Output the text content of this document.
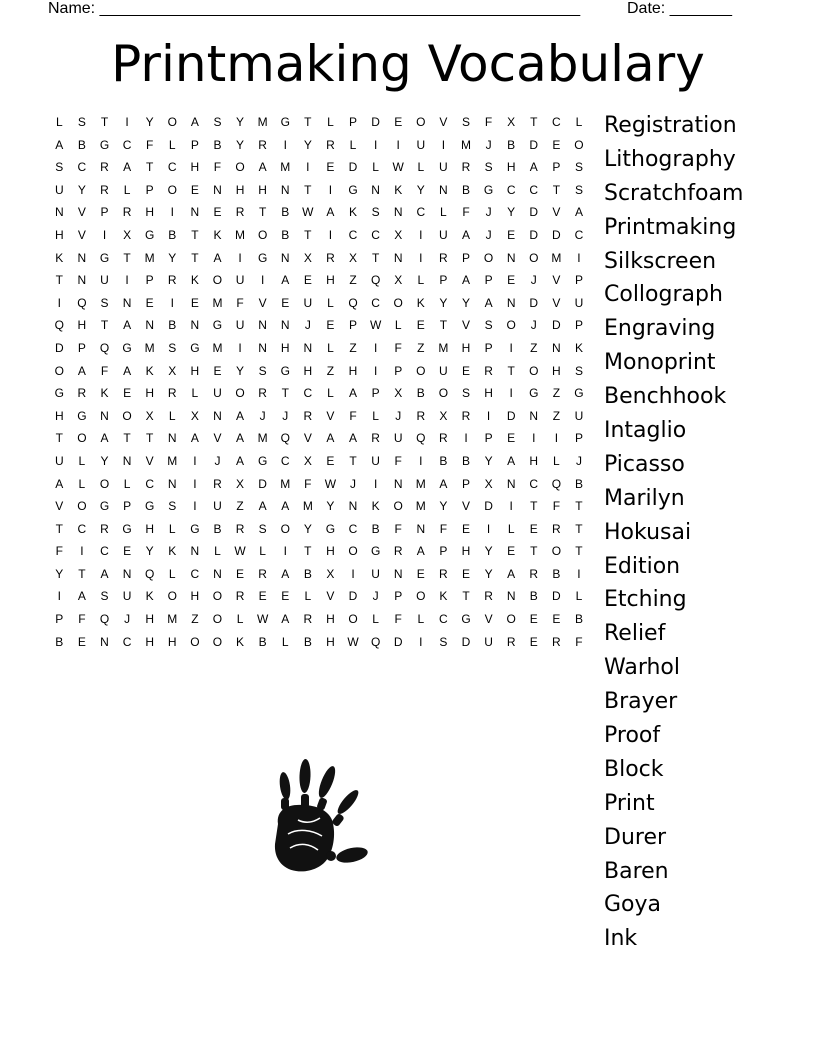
Name: ______________________________________________________	Date: _______
Printmaking Vocabulary
L	S	T	I	Y	O	A	S	Y	M	G	T	L	P	D	E	O	V	S	F	X	T	C	L
A	B	G	C	F	L	P	B	Y	R	I	Y	R	L	I	I	U	I	M	J	B	D	E	O
S	C	R	A	T	C	H	F	O	A	M	I	E	D	L	W	L	U	R	S	H	A	P	S
U	Y	R	L	P	O	E	N	H	H	N	T	I	G	N	K	Y	N	B	G	C	C	T	S
N	V	P	R	H	I	N	E	R	T	B	W	A	K	S	N	C	L	F	J	Y	D	V	A
H	V	I	X	G	B	T	K	M	O	B	T	I	C	C	X	I	U	A	J	E	D	D	C
K	N	G	T	M	Y	T	A	I	G	N	X	R	X	T	N	I	R	P	O	N	O	M	I
T	N	U	I	P	R	K	O	U	I	A	E	H	Z	Q	X	L	P	A	P	E	J	V	P
I	Q	S	N	E	I	E	M	F	V	E	U	L	Q	C	O	K	Y	Y	A	N	D	V	U
Q	H	T	A	N	B	N	G	U	N	N	J	E	P	W	L	E	T	V	S	O	J	D	P
D	P	Q	G	M	S	G	M	I	N	H	N	L	Z	I	F	Z	M	H	P	I	Z	N	K
O	A	F	A	K	X	H	E	Y	S	G	H	Z	H	I	P	O	U	E	R	T	O	H	S
G	R	K	E	H	R	L	U	O	R	T	C	L	A	P	X	B	O	S	H	I	G	Z	G
H	G	N	O	X	L	X	N	A	J	J	R	V	F	L	J	R	X	R	I	D	N	Z	U
T	O	A	T	T	N	A	V	A	M	Q	V	A	A	R	U	Q	R	I	P	E	I	I	P
U	L	Y	N	V	M	I	J	A	G	C	X	E	T	U	F	I	B	B	Y	A	H	L	J
A	L	O	L	C	N	I	R	X	D	M	F	W	J	I	N	M	A	P	X	N	C	Q	B
V	O	G	P	G	S	I	U	Z	A	A	M	Y	N	K	O	M	Y	V	D	I	T	F	T
T	C	R	G	H	L	G	B	R	S	O	Y	G	C	B	F	N	F	E	I	L	E	R	T
F	I	C	E	Y	K	N	L	W	L	I	T	H	O	G	R	A	P	H	Y	E	T	O	T
Y	T	A	N	Q	L	C	N	E	R	A	B	X	I	U	N	E	R	E	Y	A	R	B	I
I	A	S	U	K	O	H	O	R	E	E	L	V	D	J	P	O	K	T	R	N	B	D	L
P	F	Q	J	H	M	Z	O	L	W	A	R	H	O	L	F	L	C	G	V	O	E	E	B
B	E	N	C	H	H	O	O	K	B	L	B	H	W	Q	D	I	S	D	U	R	E	R	F
Registration
Lithography
Scratchfoam
Printmaking
Silkscreen
Collograph
Engraving
Monoprint
Benchhook
Intaglio
Picasso
Marilyn
Hokusai
Edition
Etching
Relief
Warhol
Brayer
Proof
Block
Print
Durer
Baren
Goya
Ink
